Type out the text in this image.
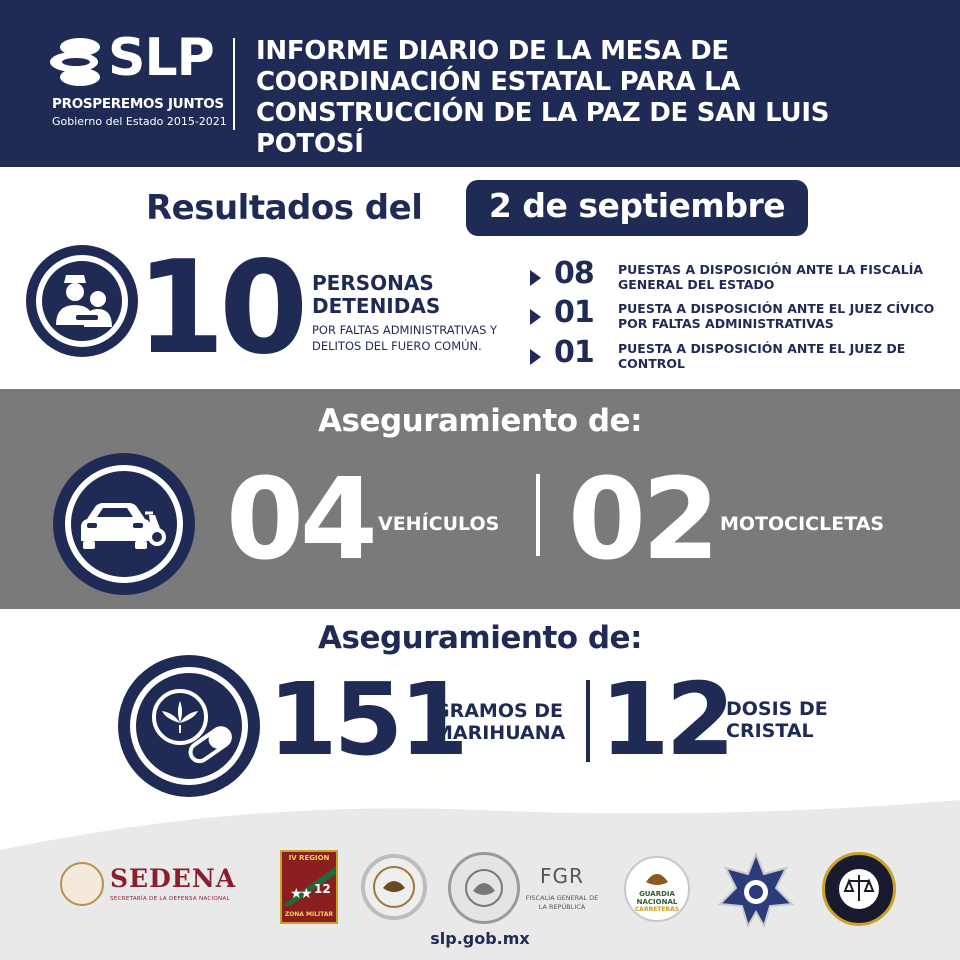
SLP
PROSPEREMOS JUNTOS
Gobierno del Estado 2015-2021
INFORME DIARIO DE LA MESA DE COORDINACIÓN ESTATAL PARA LA CONSTRUCCIÓN DE LA PAZ DE SAN LUIS POTOSÍ
Resultados del	2 de septiembre
10 PERSONAS DETENIDAS
POR FALTAS ADMINISTRATIVAS Y DELITOS DEL FUERO COMÚN.
08 PUESTAS A DISPOSICIÓN ANTE LA FISCALÍA GENERAL DEL ESTADO
01 PUESTA A DISPOSICIÓN ANTE EL JUEZ CÍVICO POR FALTAS ADMINISTRATIVAS
01 PUESTA A DISPOSICIÓN ANTE EL JUEZ DE CONTROL
Aseguramiento de:
04 VEHÍCULOS 02 MOTOCICLETAS
Aseguramiento de:
151
GRAMOS DE MARIHUANA 12
DOSIS DE CRISTAL
SEDENA
SECRETARÍA DE LA DEFENSA NACIONAL
IV REGION
★
★ 12
ZONA MILITAR
FGR
FISCALÍA GENERAL DE LA REPÚBLICA
GUARDIA NACIONAL
CARRETERAS
slp.gob.mx
